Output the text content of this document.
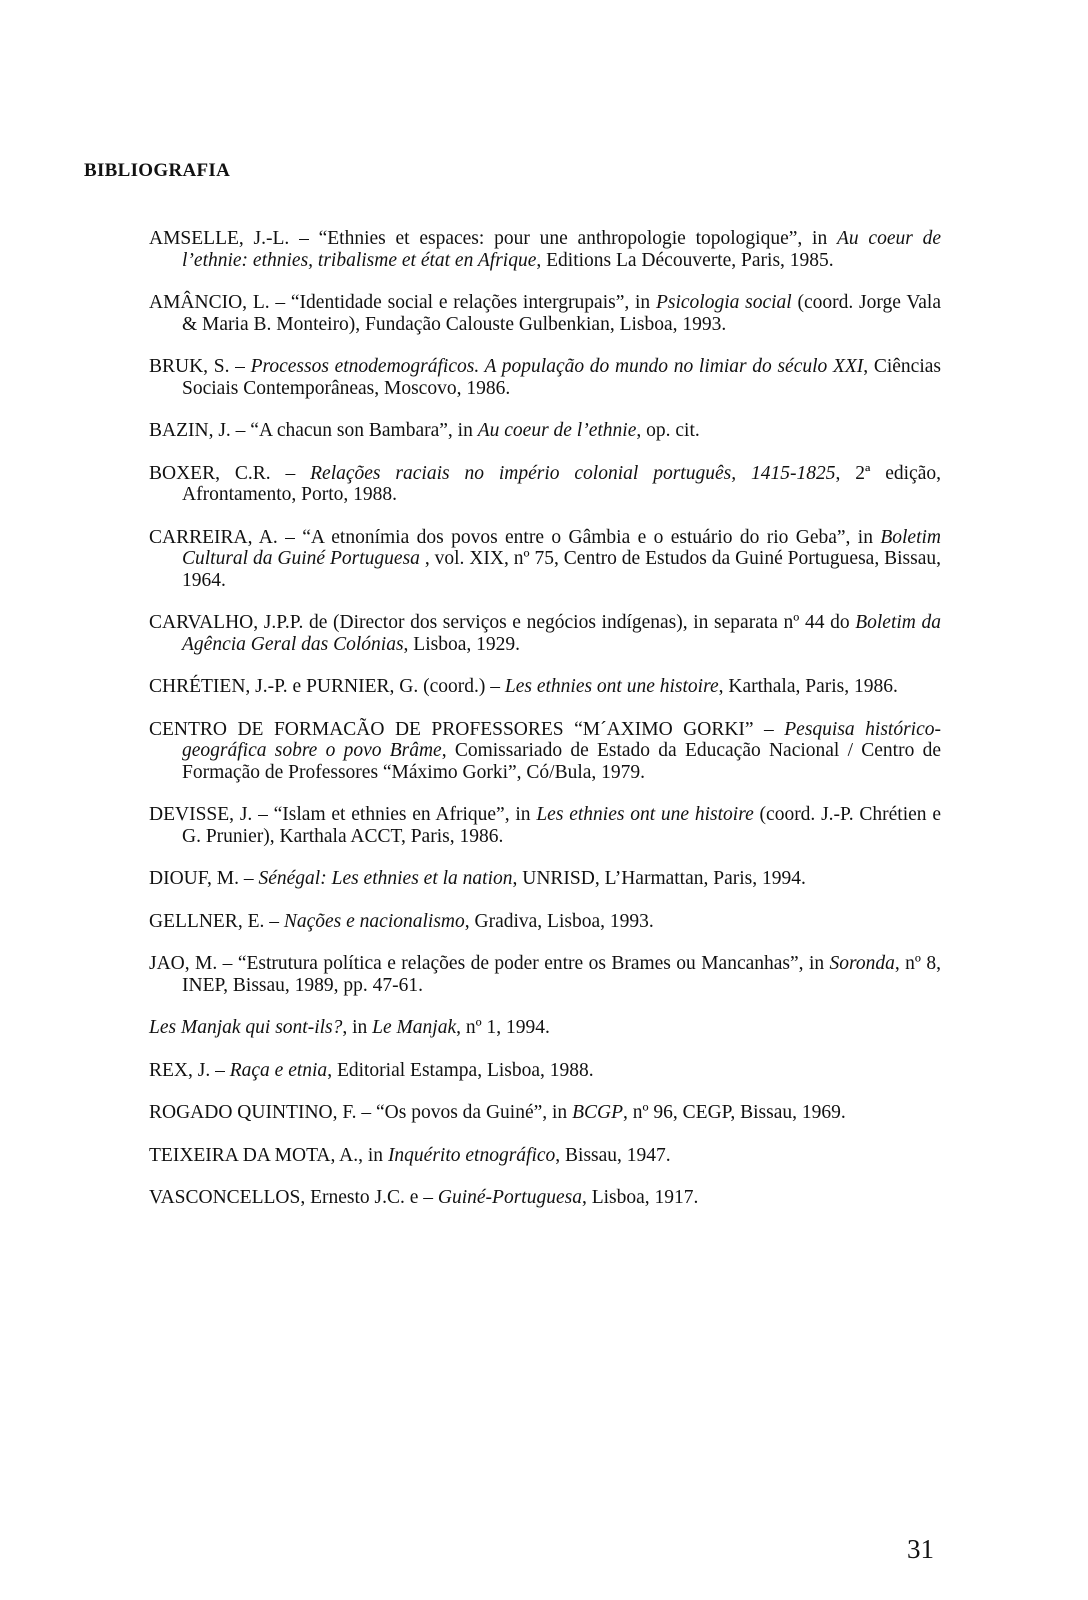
BIBLIOGRAFIA
AMSELLE, J.-L. – “Ethnies et espaces: pour une anthropologie topologique”, in Au coeur de l’ethnie: ethnies, tribalisme et état en Afrique, Editions La Découverte, Paris, 1985.
AMÂNCIO, L. – “Identidade social e relações intergrupais”, in Psicologia social (coord. Jorge Vala & Maria B. Monteiro), Fundação Calouste Gulbenkian, Lisboa, 1993.
BRUK, S. – Processos etnodemográficos. A população do mundo no limiar do século XXI, Ciências Sociais Contemporâneas, Moscovo, 1986.
BAZIN, J. – “A chacun son Bambara”, in Au coeur de l’ethnie, op. cit.
BOXER, C.R. – Relações raciais no império colonial português, 1415-1825, 2ª edição, Afrontamento, Porto, 1988.
CARREIRA, A. – “A etnonímia dos povos entre o Gâmbia e o estuário do rio Geba”, in Boletim Cultural da Guiné Portuguesa , vol. XIX, nº 75, Centro de Estudos da Guiné Portuguesa, Bissau, 1964.
CARVALHO, J.P.P. de (Director dos serviços e negócios indígenas), in separata nº 44 do Boletim da Agência Geral das Colónias, Lisboa, 1929.
CHRÉTIEN, J.-P. e PURNIER, G. (coord.) – Les ethnies ont une histoire, Karthala, Paris, 1986.
CENTRO DE FORMACÃO DE PROFESSORES “M´AXIMO GORKI” – Pesquisa histórico-geográfica sobre o povo Brâme, Comissariado de Estado da Educação Nacional / Centro de Formação de Professores “Máximo Gorki”, Có/Bula, 1979.
DEVISSE, J. – “Islam et ethnies en Afrique”, in Les ethnies ont une histoire (coord. J.-P. Chrétien e G. Prunier), Karthala ACCT, Paris, 1986.
DIOUF, M. – Sénégal: Les ethnies et la nation, UNRISD, L’Harmattan, Paris, 1994.
GELLNER, E. – Nações e nacionalismo, Gradiva, Lisboa, 1993.
JAO, M. – “Estrutura política e relações de poder entre os Brames ou Mancanhas”, in Soronda, nº 8, INEP, Bissau, 1989, pp. 47-61.
Les Manjak qui sont-ils?, in Le Manjak, nº 1, 1994.
REX, J. – Raça e etnia, Editorial Estampa, Lisboa, 1988.
ROGADO QUINTINO, F. – “Os povos da Guiné”, in BCGP, nº 96, CEGP, Bissau, 1969.
TEIXEIRA DA MOTA, A., in Inquérito etnográfico, Bissau, 1947.
VASCONCELLOS, Ernesto J.C. e – Guiné-Portuguesa, Lisboa, 1917.
31
